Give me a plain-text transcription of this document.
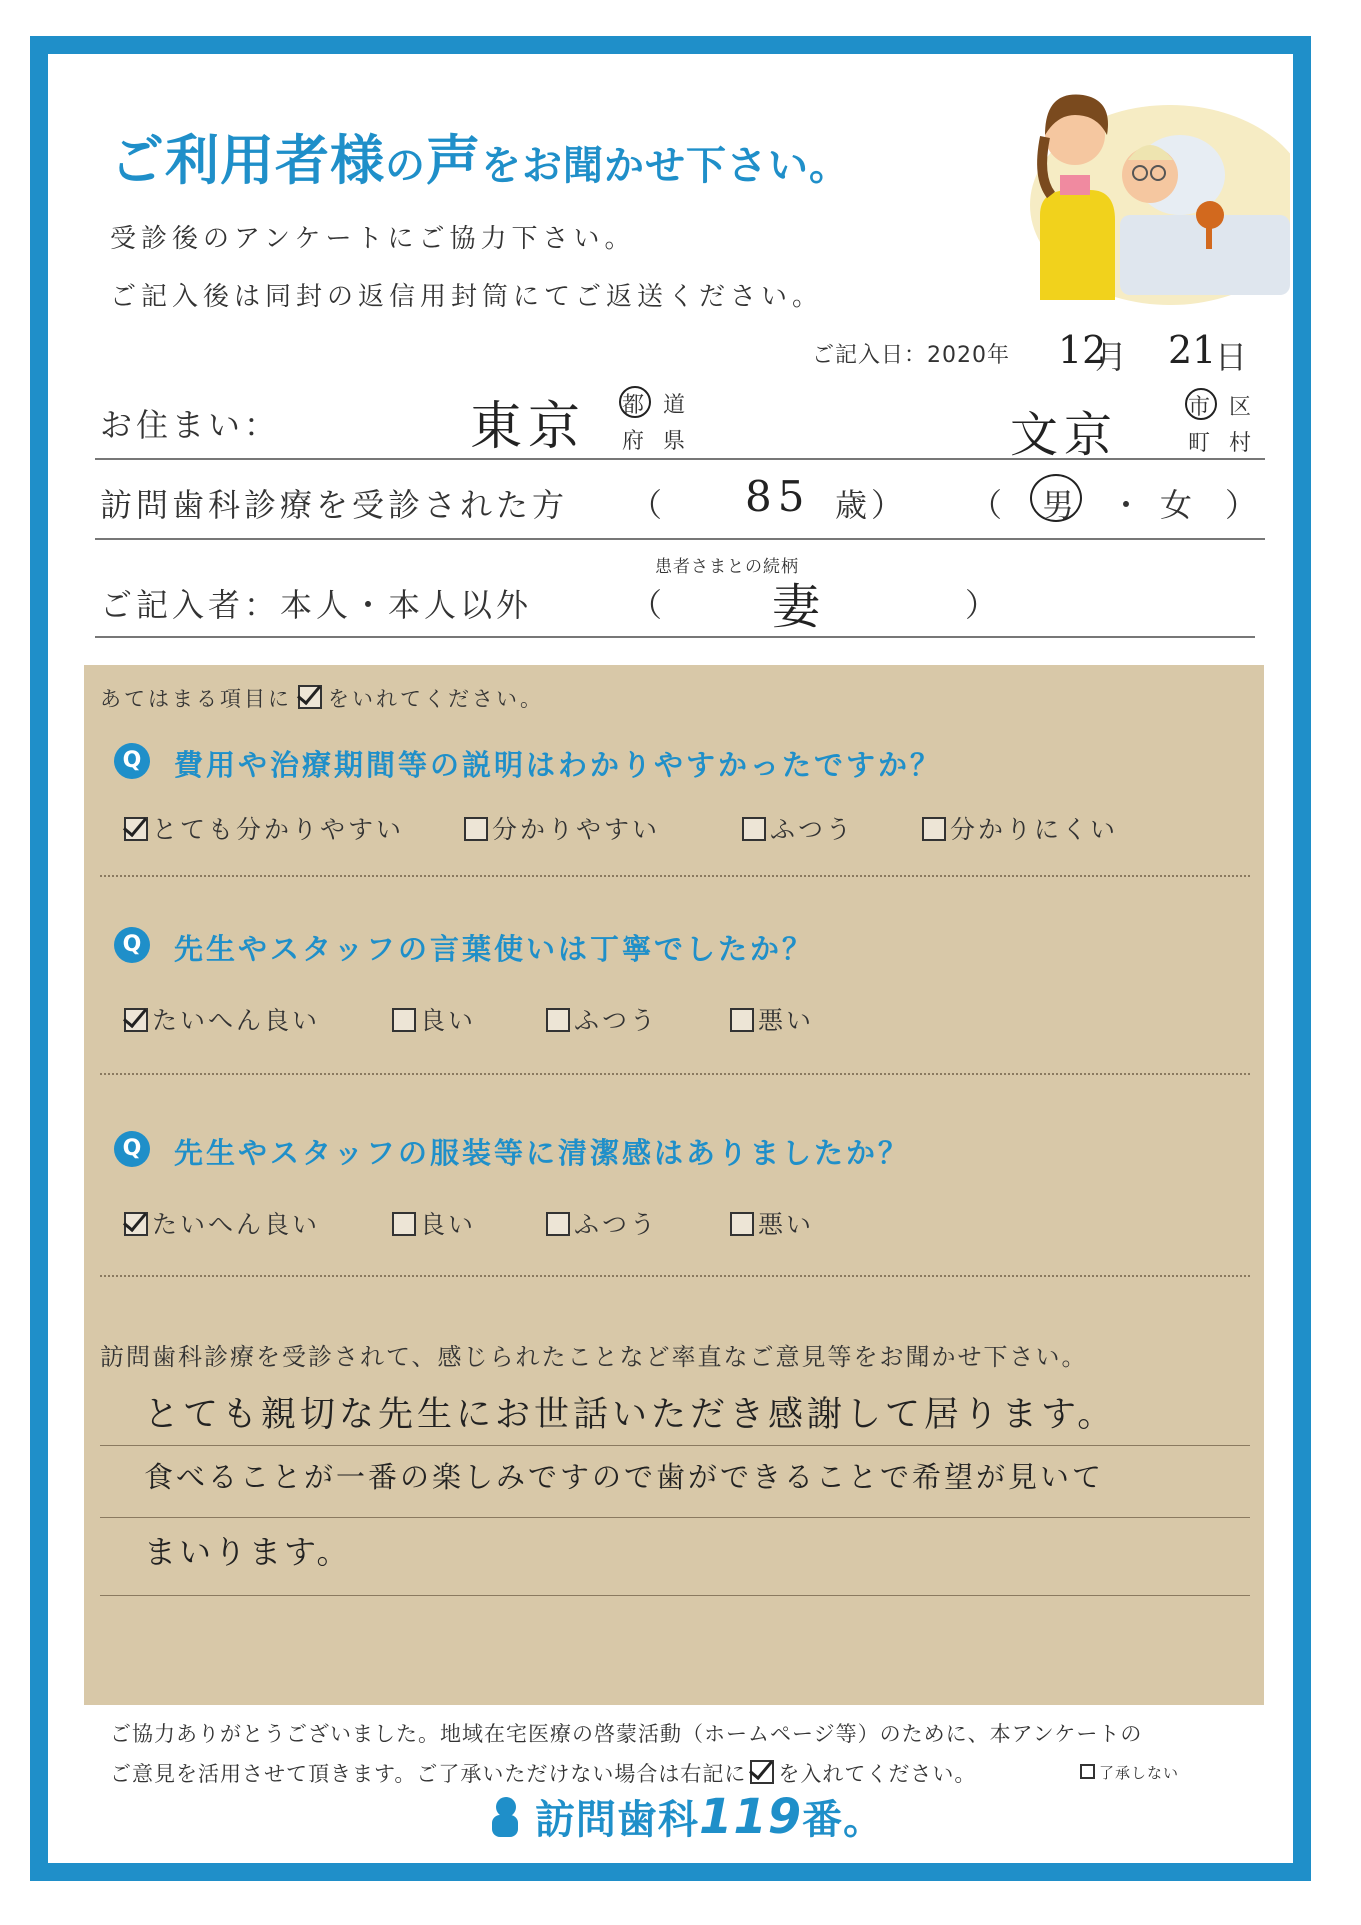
ご利用者様の声をお聞かせ下さい。
受診後のアンケートにご協力下さい。
ご記入後は同封の返信用封筒にてご返送ください。
ご記入日：2020年 12
月 21
日
お住まい：	東京 都 道
府 県	文京	市 区
町 村
訪問歯科診療を受診された方 （ 85 歳） （ 男 ・ 女 ）
患者さまとの続柄
ご記入者：本人・本人以外	（ 妻	）
あてはまる項目に をいれてください。
Q 費用や治療期間等の説明はわかりやすかったですか？
とても分かりやすい	分かりやすい	ふつう	分かりにくい
Q 先生やスタッフの言葉使いは丁寧でしたか？
たいへん良い	良い	ふつう	悪い
Q 先生やスタッフの服装等に清潔感はありましたか？
たいへん良い	良い	ふつう	悪い
訪問歯科診療を受診されて、感じられたことなど率直なご意見等をお聞かせ下さい。
とても親切な先生にお世話いただき感謝して居ります。
食べることが一番の楽しみですので歯ができることで希望が見いて
まいります。
ご協力ありがとうございました。地域在宅医療の啓蒙活動（ホームページ等）のために、本アンケートの
ご意見を活用させて頂きます。ご了承いただけない場合は右記に を入れてください。	了承しない
訪問歯科119番。
